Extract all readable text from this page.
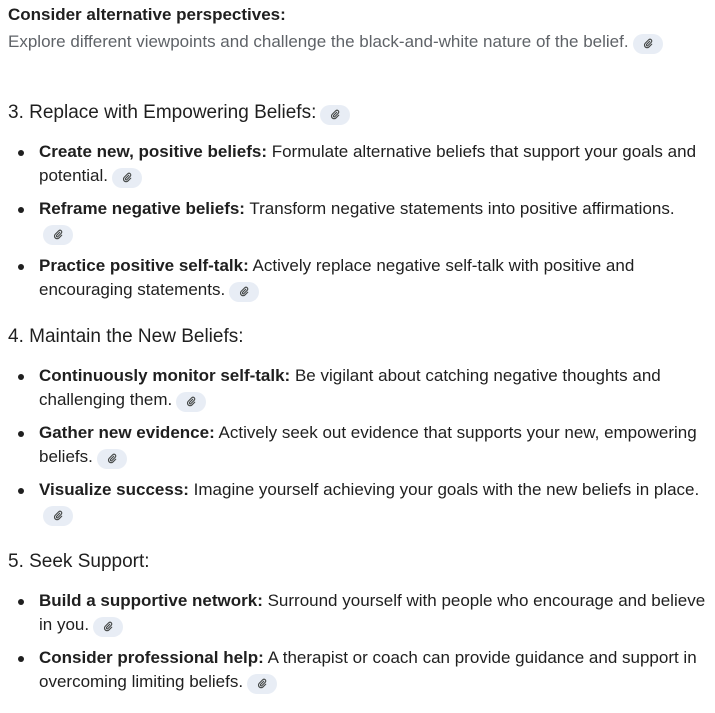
Consider alternative perspectives:
Explore different viewpoints and challenge the black-and-white nature of the belief.
3. Replace with Empowering Beliefs:
Create new, positive beliefs: Formulate alternative beliefs that support your goals and potential.
Reframe negative beliefs: Transform negative statements into positive affirmations.
Practice positive self-talk: Actively replace negative self-talk with positive and encouraging statements.
4. Maintain the New Beliefs:
Continuously monitor self-talk: Be vigilant about catching negative thoughts and challenging them.
Gather new evidence: Actively seek out evidence that supports your new, empowering beliefs.
Visualize success: Imagine yourself achieving your goals with the new beliefs in place.
5. Seek Support:
Build a supportive network: Surround yourself with people who encourage and believe in you.
Consider professional help: A therapist or coach can provide guidance and support in overcoming limiting beliefs.
